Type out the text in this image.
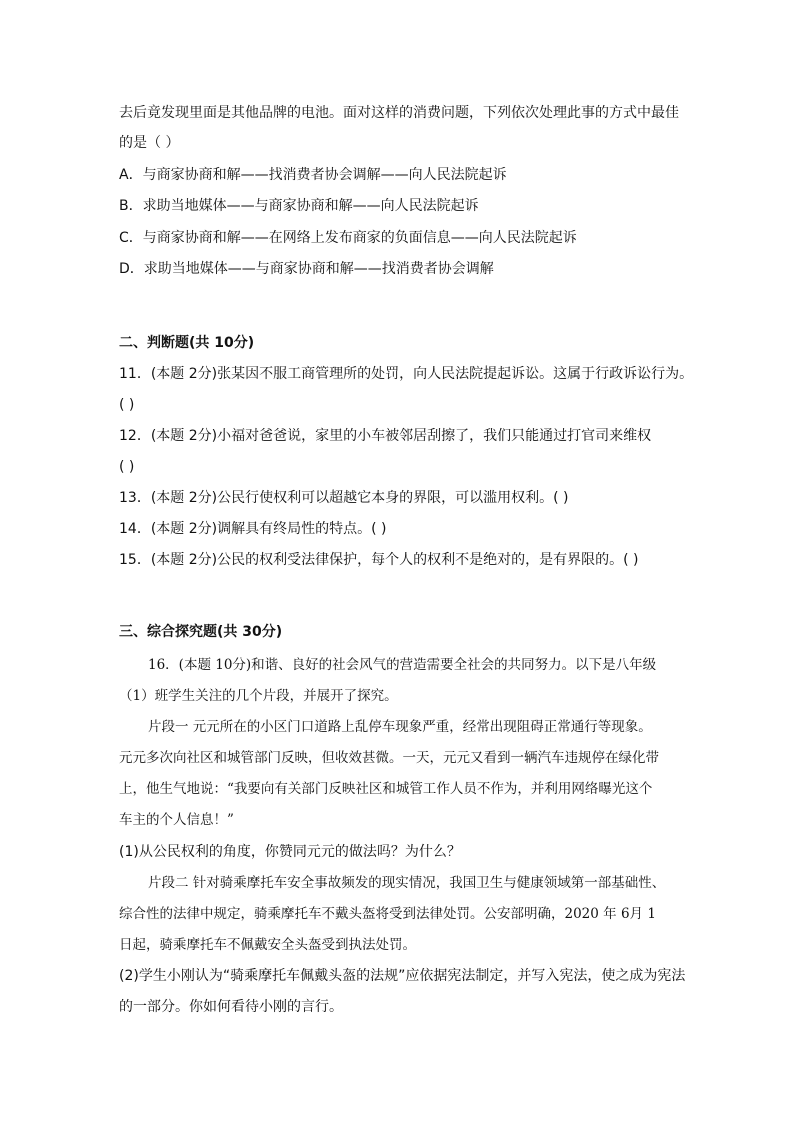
去后竟发现里面是其他品牌的电池。面对这样的消费问题，下列依次处理此事的方式中最佳
的是（ ）
A．与商家协商和解——找消费者协会调解——向人民法院起诉
B．求助当地媒体——与商家协商和解——向人民法院起诉
C．与商家协商和解——在网络上发布商家的负面信息——向人民法院起诉
D．求助当地媒体——与商家协商和解——找消费者协会调解
二、判断题(共 10分)
11．(本题 2分)张某因不服工商管理所的处罚，向人民法院提起诉讼。这属于行政诉讼行为。
( )
12．(本题 2分)小福对爸爸说，家里的小车被邻居刮擦了，我们只能通过打官司来维权
( )
13．(本题 2分)公民行使权利可以超越它本身的界限，可以滥用权利。( )
14．(本题 2分)调解具有终局性的特点。( )
15．(本题 2分)公民的权利受法律保护，每个人的权利不是绝对的，是有界限的。( )
三、综合探究题(共 30分)
16．(本题 10分)和谐、良好的社会风气的营造需要全社会的共同努力。以下是八年级
（1）班学生关注的几个片段，并展开了探究。
片段一 元元所在的小区门口道路上乱停车现象严重，经常出现阻碍正常通行等现象。
元元多次向社区和城管部门反映，但收效甚微。一天，元元又看到一辆汽车违规停在绿化带
上，他生气地说：“我要向有关部门反映社区和城管工作人员不作为，并利用网络曝光这个
车主的个人信息！”
(1)从公民权利的角度，你赞同元元的做法吗？为什么？
片段二 针对骑乘摩托车安全事故频发的现实情况，我国卫生与健康领域第一部基础性、
综合性的法律中规定，骑乘摩托车不戴头盔将受到法律处罚。公安部明确，2020 年 6月 1
日起，骑乘摩托车不佩戴安全头盔受到执法处罚。
(2)学生小刚认为“骑乘摩托车佩戴头盔的法规”应依据宪法制定，并写入宪法，使之成为宪法
的一部分。你如何看待小刚的言行。
